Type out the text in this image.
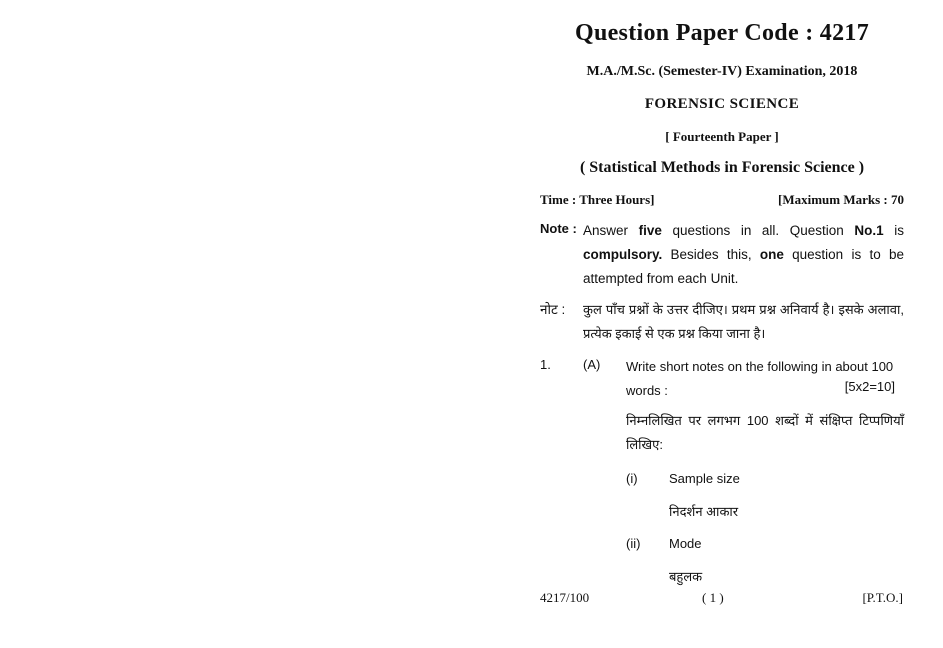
Question Paper Code : 4217
M.A./M.Sc. (Semester-IV) Examination, 2018
FORENSIC SCIENCE
[ Fourteenth Paper ]
( Statistical Methods in Forensic Science )
Time : Three Hours]	[Maximum Marks : 70
Note : Answer five questions in all. Question No.1 is compulsory. Besides this, one question is to be attempted from each Unit.
नोट : कुल पाँच प्रश्नों के उत्तर दीजिए। प्रथम प्रश्न अनिवार्य है। इसके अलावा, प्रत्येक इकाई से एक प्रश्न किया जाना है।
1. (A) Write short notes on the following in about 100 words :	[5x2=10]
निम्नलिखित पर लगभग 100 शब्दों में संक्षिप्त टिप्पणियाँ लिखिए:
(i) Sample size
निदर्शन आकार
(ii) Mode
बहुलक
4217/100	( 1 )	[P.T.O.]
